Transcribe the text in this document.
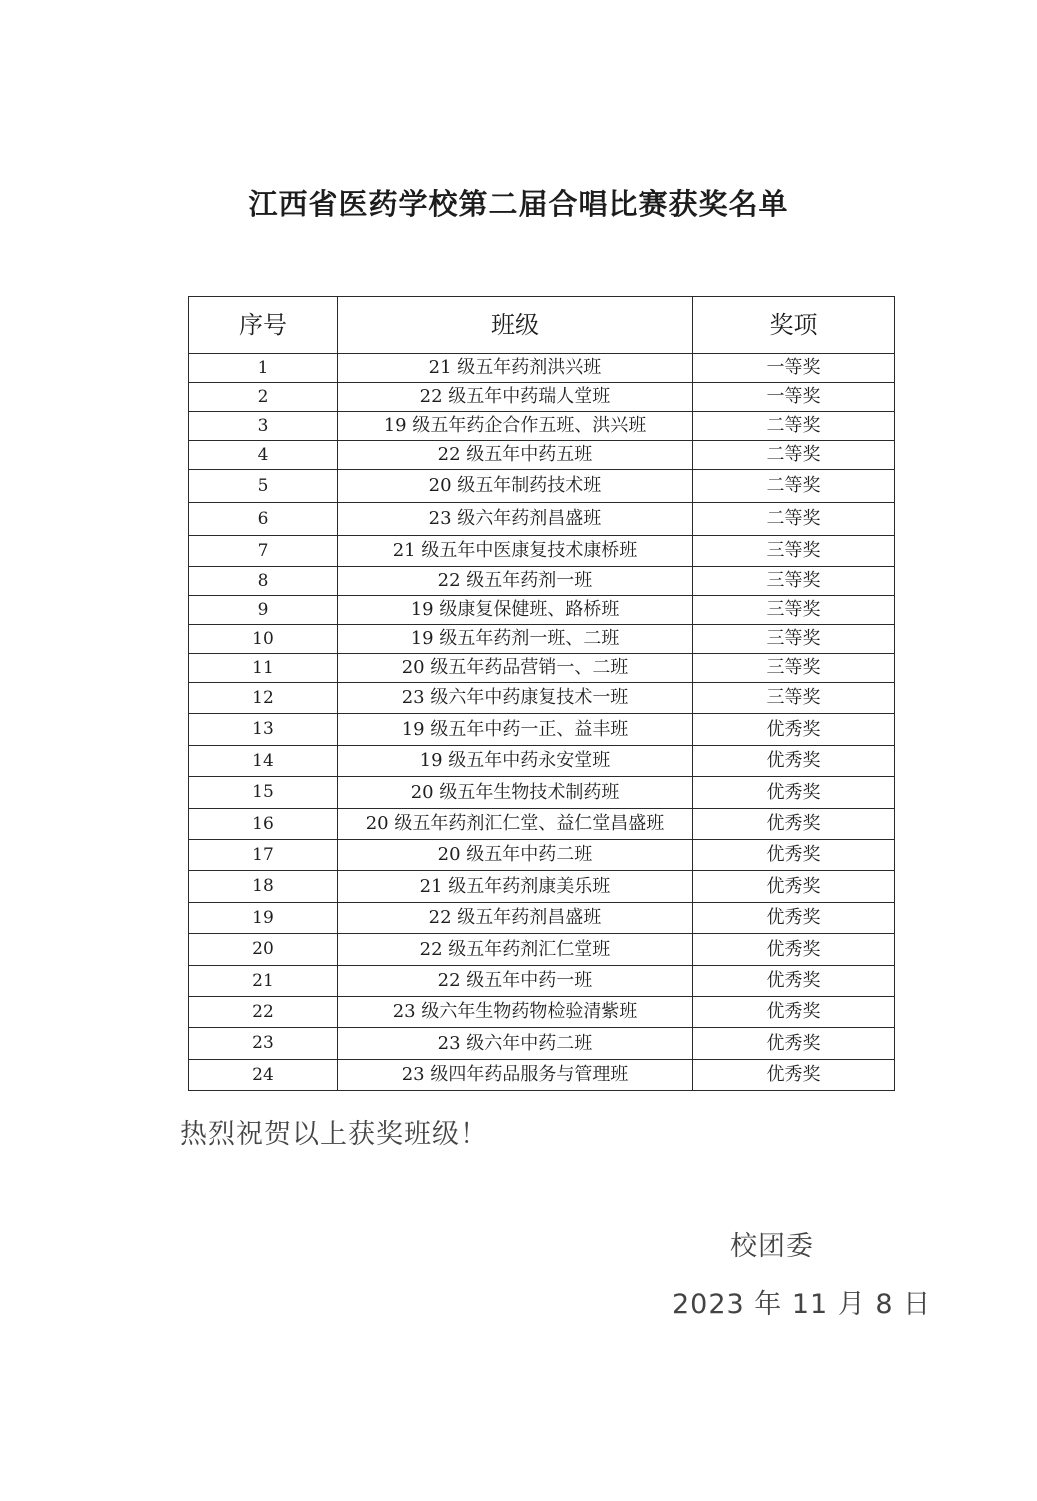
江西省医药学校第二届合唱比赛获奖名单
序号	班级	奖项
1	21 级五年药剂洪兴班	一等奖
2	22 级五年中药瑞人堂班	一等奖
3	19 级五年药企合作五班、洪兴班	二等奖
4	22 级五年中药五班	二等奖
5	20 级五年制药技术班	二等奖
6	23 级六年药剂昌盛班	二等奖
7	21 级五年中医康复技术康桥班	三等奖
8	22 级五年药剂一班	三等奖
9	19 级康复保健班、路桥班	三等奖
10	19 级五年药剂一班、二班	三等奖
11	20 级五年药品营销一、二班	三等奖
12	23 级六年中药康复技术一班	三等奖
13	19 级五年中药一正、益丰班	优秀奖
14	19 级五年中药永安堂班	优秀奖
15	20 级五年生物技术制药班	优秀奖
16	20 级五年药剂汇仁堂、益仁堂昌盛班	优秀奖
17	20 级五年中药二班	优秀奖
18	21 级五年药剂康美乐班	优秀奖
19	22 级五年药剂昌盛班	优秀奖
20	22 级五年药剂汇仁堂班	优秀奖
21	22 级五年中药一班	优秀奖
22	23 级六年生物药物检验清紫班	优秀奖
23	23 级六年中药二班	优秀奖
24	23 级四年药品服务与管理班	优秀奖
热烈祝贺以上获奖班级！
校团委
2023 年 11 月 8 日
